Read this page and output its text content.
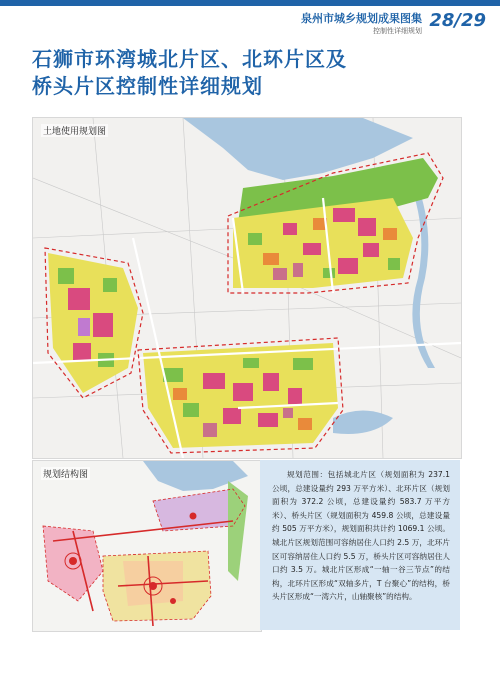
泉州市城乡规划成果图集
控制性详细规划 28/29
石狮市环湾城北片区、北环片区及
桥头片区控制性详细规划
土地使用规划图
规划结构图	规划范围：包括城北片区（规划面积为 237.1 公顷，总建设量约 293 万平方米）、北环片区（规划面积为 372.2 公顷，总建设量约 583.7 万平方米）、桥头片区（规划面积为 459.8 公顷，总建设量约 505 万平方米），规划面积共计约 1069.1 公顷。城北片区规划范围可容纳居住人口约 2.5 万，北环片区可容纳居住人口约 5.5 万，桥头片区可容纳居住人口约 3.5 万。城北片区形成“一轴一谷三节点”的结构，北环片区形成“双轴多片，T 台聚心”的结构，桥头片区形成“一湾六片，山轴聚核”的结构。
